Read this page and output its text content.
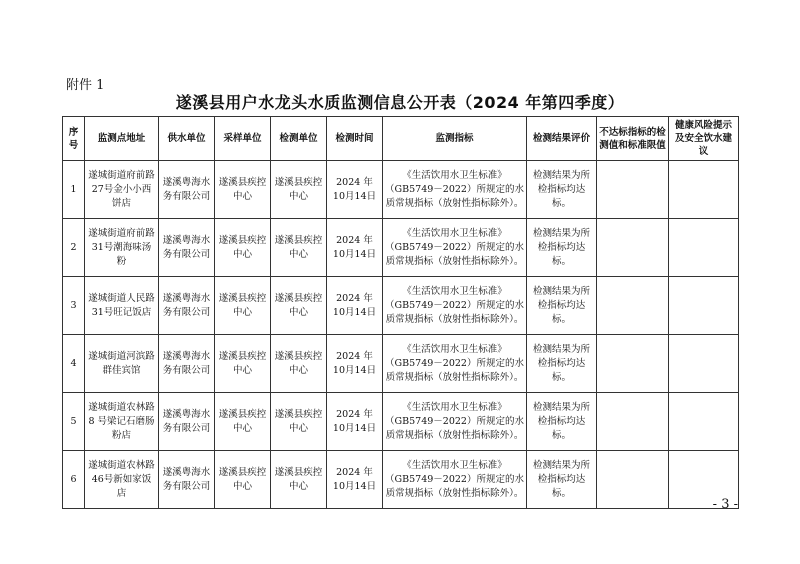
附件 1
遂溪县用户水龙头水质监测信息公开表（2024 年第四季度）
序号	监测点地址	供水单位	采样单位	检测单位	检测时间	监测指标	检测结果评价	不达标指标的检测值和标准限值	健康风险提示及安全饮水建议
1	遂城街道府前路27号金小小西饼店	遂溪粤海水务有限公司	遂溪县疾控中心	遂溪县疾控中心	2024 年 10月14日	《生活饮用水卫生标准》（GB5749－2022）所规定的水质常规指标（放射性指标除外）。	检测结果为所检指标均达标。		
2	遂城街道府前路31号潮海味汤粉	遂溪粤海水务有限公司	遂溪县疾控中心	遂溪县疾控中心	2024 年 10月14日	《生活饮用水卫生标准》（GB5749－2022）所规定的水质常规指标（放射性指标除外）。	检测结果为所检指标均达标。		
3	遂城街道人民路31号旺记饭店	遂溪粤海水务有限公司	遂溪县疾控中心	遂溪县疾控中心	2024 年 10月14日	《生活饮用水卫生标准》（GB5749－2022）所规定的水质常规指标（放射性指标除外）。	检测结果为所检指标均达标。		
4	遂城街道河滨路群佳宾馆	遂溪粤海水务有限公司	遂溪县疾控中心	遂溪县疾控中心	2024 年 10月14日	《生活饮用水卫生标准》（GB5749－2022）所规定的水质常规指标（放射性指标除外）。	检测结果为所检指标均达标。		
5	遂城街道农林路 8 号梁记石磨肠粉店	遂溪粤海水务有限公司	遂溪县疾控中心	遂溪县疾控中心	2024 年 10月14日	《生活饮用水卫生标准》（GB5749－2022）所规定的水质常规指标（放射性指标除外）。	检测结果为所检指标均达标。		
6	遂城街道农林路46号新如家饭店	遂溪粤海水务有限公司	遂溪县疾控中心	遂溪县疾控中心	2024 年 10月14日	《生活饮用水卫生标准》（GB5749－2022）所规定的水质常规指标（放射性指标除外）。	检测结果为所检指标均达标。		
- 3 -
